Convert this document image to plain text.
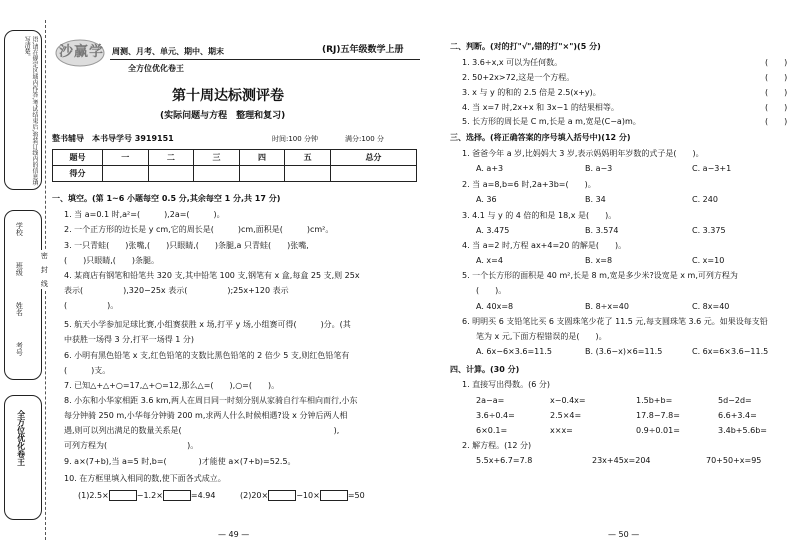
语,请在规定区域内作答,考试结束后,将装订线内的信息填写清楚。
学校
班级
姓名
考号
全方位优化卷王
密　封　线
沙赢学 周测、月考、单元、期中、期末
全方位优化卷王
(RJ)五年级数学上册
第十周达标测评卷
(实际问题与方程　整理和复习)
整书辅导　本书导学号 3919151	时间:100 分钟	满分:100 分
题号	一	二	三	四	五	总分
得分						
一、填空。(第 1~6 小题每空 0.5 分,其余每空 1 分,共 17 分)
1. 当 a=0.1 时,a²=(　　　),2a=(　　　)。
2. 一个正方形的边长是 y cm,它的周长是(　　　)cm,面积是(　　　)cm²。
3. 一只青蛙(　　)张嘴,(　　)只眼睛,(　　)条腿,a 只青蛙(　　)张嘴,
(　　)只眼睛,(　　)条腿。
4. 某商店有钢笔和铅笔共 320 支,其中铅笔 100 支,钢笔有 x 盒,每盒 25 支,则 25x
表示(　　　　　),320−25x 表示(　　　　　);25x+120 表示
(　　　　　)。
5. 航天小学参加足球比赛,小组赛获胜 x 场,打平 y 场,小组赛可得(　　　)分。(其
中获胜一场得 3 分,打平一场得 1 分)
6. 小明有黑色铅笔 x 支,红色铅笔的支数比黑色铅笔的 2 倍少 5 支,则红色铅笔有
(　　　)支。
7. 已知△+△+○=17,△+○=12,那么△=(　　),○=(　　)。
8. 小东和小华家相距 3.6 km,两人在周日同一时刻分别从家骑自行车相向而行,小东
每分钟骑 250 m,小华每分钟骑 200 m,求两人什么时候相遇?设 x 分钟后两人相
遇,则可以列出满足的数量关系是(　　　　　　　　　　　　　　　　　　　),
可列方程为(　　　　　　　　　　)。
9. a×(7+b),当 a=5 时,b=(　　　　)才能使 a×(7+b)=52.5。
10. 在方框里填入相同的数,使下面各式成立。
(1)2.5×	−1.2×	=4.94	(2)20×	−10×	=50
— 49 —
二、判断。(对的打"√",错的打"×")(5 分)
1. 3.6÷x,x 可以为任何数。	(　　)
2. 50+2x>72,这是一个方程。	(　　)
3. x 与 y 的和的 2.5 倍是 2.5(x+y)。	(　　)
4. 当 x=7 时,2x+x 和 3x−1 的结果相等。	(　　)
5. 长方形的周长是 C m,长是 a m,宽是(C−a)m。	(　　)
三、选择。(将正确答案的序号填入括号中)(12 分)
1. 爸爸今年 a 岁,比妈妈大 3 岁,表示妈妈明年岁数的式子是(　　)。
A. a+3	B. a−3	C. a−3+1
2. 当 a=8,b=6 时,2a+3b=(　　)。
A. 36	B. 34	C. 240
3. 4.1 与 y 的 4 倍的和是 18,x 是(　　)。
A. 3.475	B. 3.574	C. 3.375
4. 当 a=2 时,方程 ax+4=20 的解是(　　)。
A. x=4	B. x=8	C. x=10
5. 一个长方形的面积是 40 m²,长是 8 m,宽是多少米?设宽是 x m,可列方程为
(　　)。
A. 40x=8	B. 8÷x=40	C. 8x=40
6. 明明买 6 支铅笔比买 6 支圆珠笔少花了 11.5 元,每支圆珠笔 3.6 元。如果设每支铅
笔为 x 元,下面方程错误的是(　　)。
A. 6x−6×3.6=11.5	B. (3.6−x)×6=11.5	C. 6x=6×3.6−11.5
四、计算。(30 分)
1. 直接写出得数。(6 分)
2a−a=	x−0.4x=	1.5b+b=	5d−2d=
3.6÷0.4=	2.5×4=	17.8−7.8=	6.6+3.4=
6×0.1=	x×x=	0.9÷0.01=	3.4b+5.6b=
2. 解方程。(12 分)
5.5x+6.7=7.8	23x+45x=204	70+50+x=95
— 50 —
